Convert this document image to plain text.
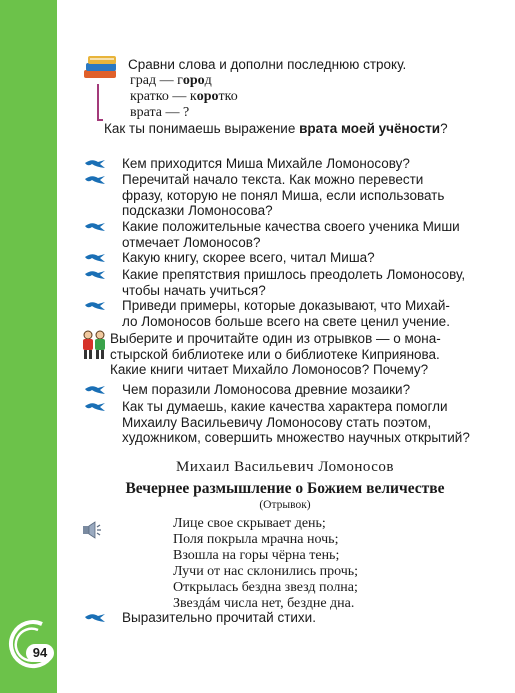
94
Сравни слова и дополни последнюю строку.
град — город
кратко — коротко
врата — ?
Как ты понимаешь выражение врата моей учёности?
Кем приходится Миша Михайле Ломоносову?
Перечитай начало текста. Как можно перевести
фразу, которую не понял Миша, если использовать
подсказки Ломоносова?
Какие положительные качества своего ученика Миши
отмечает Ломоносов?
Какую книгу, скорее всего, читал Миша?
Какие препятствия пришлось преодолеть Ломоносову,
чтобы начать учиться?
Приведи примеры, которые доказывают, что Михай-
ло Ломоносов больше всего на свете ценил учение.
Выберите и прочитайте один из отрывков — о мона-
стырской библиотеке или о библиотеке Киприянова.
Какие книги читает Михайло Ломоносов? Почему?
Чем поразили Ломоносова древние мозаики?
Как ты думаешь, какие качества характера помогли
Михаилу Васильевичу Ломоносову стать поэтом,
художником, совершить множество научных открытий?
Михаил Васильевич Ломоносов
Вечернее размышление о Божием величестве
(Отрывок)
Лице свое скрывает день;
Поля покрыла мрачна ночь;
Взошла на горы чёрна тень;
Лучи от нас склонились прочь;
Открылась бездна звезд полна;
Звездáм числа нет, бездне дна.
Выразительно прочитай стихи.
